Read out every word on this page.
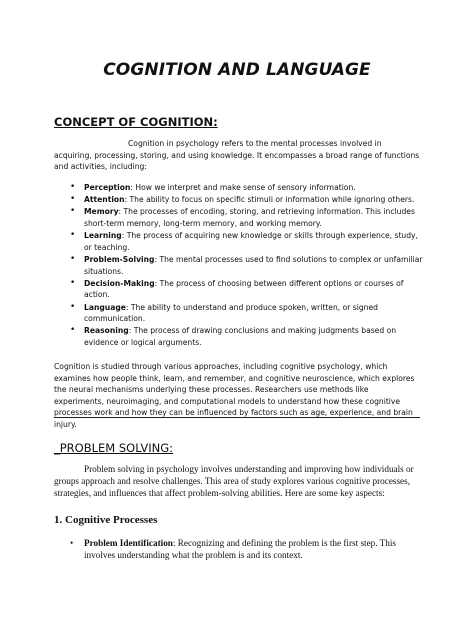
COGNITION AND LANGUAGE
CONCEPT OF COGNITION:
Cognition in psychology refers to the mental processes involved in acquiring, processing, storing, and using knowledge. It encompasses a broad range of functions and activities, including:
• Perception: How we interpret and make sense of sensory information.
• Attention: The ability to focus on specific stimuli or information while ignoring others.
• Memory: The processes of encoding, storing, and retrieving information. This includes short-term memory, long-term memory, and working memory.
• Learning: The process of acquiring new knowledge or skills through experience, study, or teaching.
• Problem-Solving: The mental processes used to find solutions to complex or unfamiliar situations.
• Decision-Making: The process of choosing between different options or courses of action.
• Language: The ability to understand and produce spoken, written, or signed communication.
• Reasoning: The process of drawing conclusions and making judgments based on evidence or logical arguments.
Cognition is studied through various approaches, including cognitive psychology, which examines how people think, learn, and remember, and cognitive neuroscience, which explores the neural mechanisms underlying these processes. Researchers use methods like experiments, neuroimaging, and computational models to understand how these cognitive processes work and how they can be influenced by factors such as age, experience, and brain injury.
_PROBLEM SOLVING:
Problem solving in psychology involves understanding and improving how individuals or groups approach and resolve challenges. This area of study explores various cognitive processes, strategies, and influences that affect problem-solving abilities. Here are some key aspects:
1. Cognitive Processes
• Problem Identification: Recognizing and defining the problem is the first step. This involves understanding what the problem is and its context.
